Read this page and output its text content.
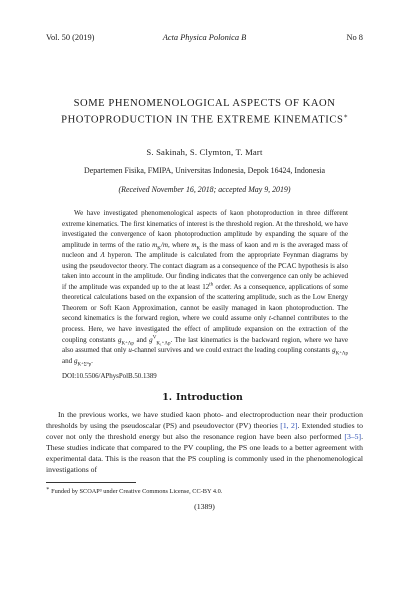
Vol. 50 (2019)	Acta Physica Polonica B	No 8
SOME PHENOMENOLOGICAL ASPECTS OF KAON PHOTOPRODUCTION IN THE EXTREME KINEMATICS∗
S. Sakinah, S. Clymton, T. Mart
Departemen Fisika, FMIPA, Universitas Indonesia, Depok 16424, Indonesia
(Received November 16, 2018; accepted May 9, 2019)

We have investigated phenomenological aspects of kaon photoproduction in three different extreme kinematics. The first kinematics of interest is the threshold region. At the threshold, we have investigated the convergence of kaon photoproduction amplitude by expanding the square of the amplitude in terms of the ratio $m_K/m$, where $m_K$ is the mass of kaon and m is the averaged mass of nucleon and Λ hyperon. The amplitude is calculated from the appropriate Feynman diagrams by using the pseudovector theory. The contact diagram as a consequence of the PCAC hypothesis is also taken into account in the amplitude. Our finding indicates that the convergence can only be achieved if the amplitude was expanded up to the at least 12th order. As a consequence, applications of some theoretical calculations based on the expansion of the scattering amplitude, such as the Low Energy Theorem or Soft Kaon Approximation, cannot be easily managed in kaon photoproduction. The second kinematics is the forward region, where we could assume only t-channel contributes to the process. Here, we have investigated the effect of amplitude expansion on the extraction of the coupling constants $g_{K^+\Lambda p}$ and $g^V_{K_1^+\Lambda p}$. The last kinematics is the backward region, where we have also assumed that only u-channel survives and we could extract the leading coupling constants $g_{K^+\Lambda p}$ and $g_{K^+\Sigma^0p}$.

DOI:10.5506/APhysPolB.50.1389
1. Introduction

In the previous works, we have studied kaon photo- and electroproduction near their production thresholds by using the pseudoscalar (PS) and pseudovector (PV) theories [1, 2]. Extended studies to cover not only the threshold energy but also the resonance region have been also performed [3–5]. These studies indicate that compared to the PV coupling, the PS one leads to a better agreement with experimental data. This is the reason that the PS coupling is commonly used in the phenomenological investigations of

∗ Funded by SCOAP³ under Creative Commons License, CC-BY 4.0.
(1389)
